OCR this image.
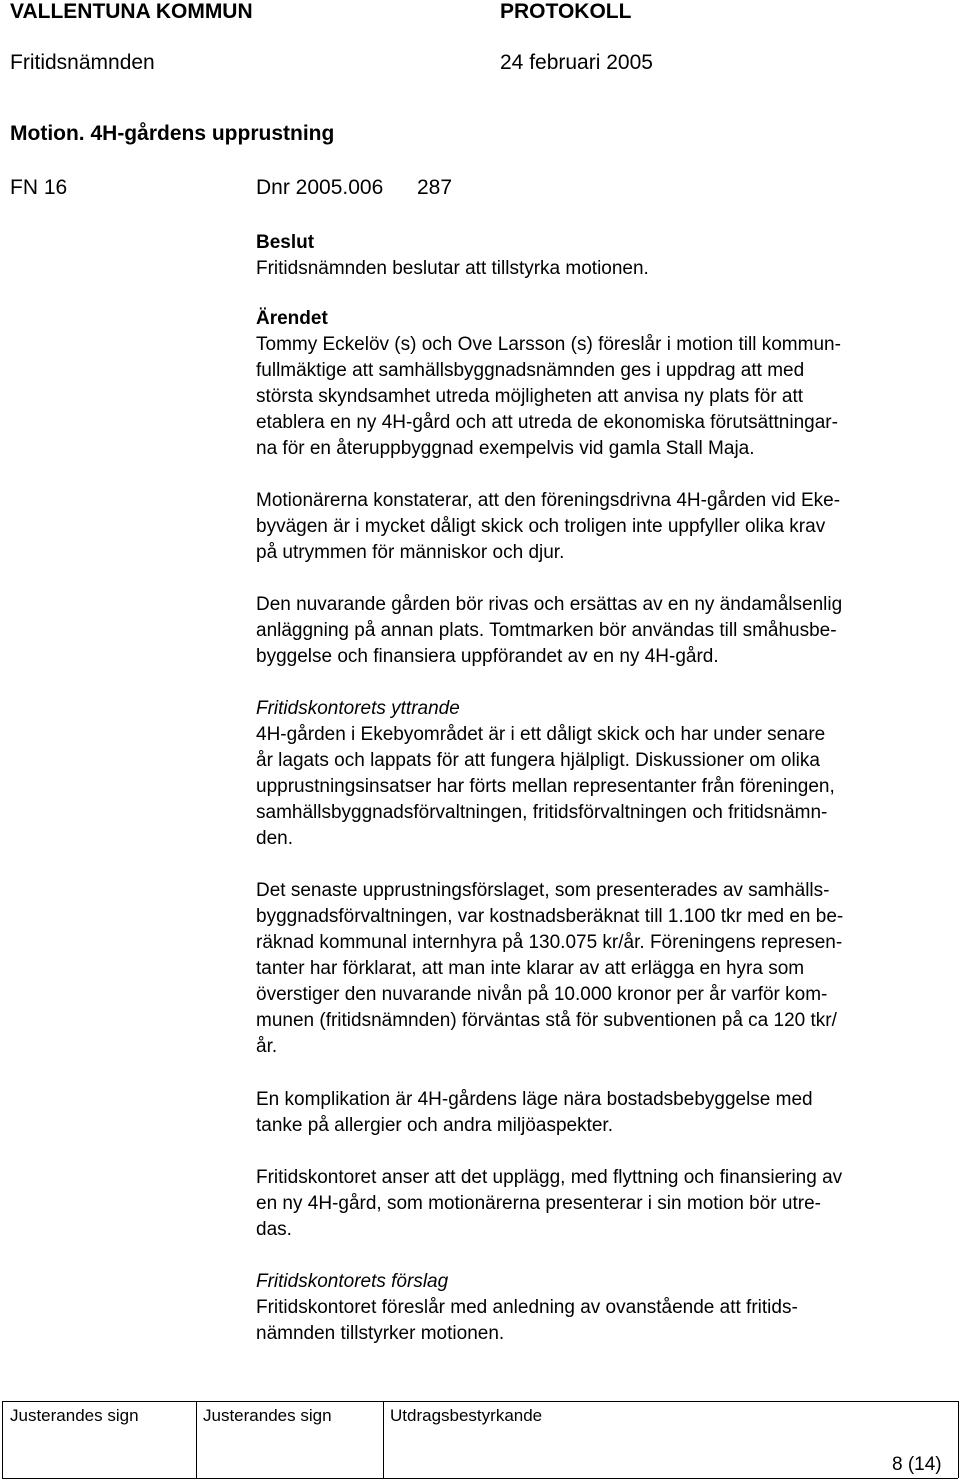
VALLENTUNA KOMMUN	PROTOKOLL
Fritidsnämnden	24 februari 2005
Motion. 4H-gårdens upprustning
FN 16	Dnr 2005.006 287
Beslut
Fritidsnämnden beslutar att tillstyrka motionen.
Ärendet
Tommy Eckelöv (s) och Ove Larsson (s) föreslår i motion till kommun-
fullmäktige att samhällsbyggnadsnämnden ges i uppdrag att med
största skyndsamhet utreda möjligheten att anvisa ny plats för att
etablera en ny 4H-gård och att utreda de ekonomiska förutsättningar-
na för en återuppbyggnad exempelvis vid gamla Stall Maja.
Motionärerna konstaterar, att den föreningsdrivna 4H-gården vid Eke-
byvägen är i mycket dåligt skick och troligen inte uppfyller olika krav
på utrymmen för människor och djur.
Den nuvarande gården bör rivas och ersättas av en ny ändamålsenlig
anläggning på annan plats. Tomtmarken bör användas till småhusbe-
byggelse och finansiera uppförandet av en ny 4H-gård.
Fritidskontorets yttrande
4H-gården i Ekebyområdet är i ett dåligt skick och har under senare
år lagats och lappats för att fungera hjälpligt. Diskussioner om olika
upprustningsinsatser har förts mellan representanter från föreningen,
samhällsbyggnadsförvaltningen, fritidsförvaltningen och fritidsnämn-
den.
Det senaste upprustningsförslaget, som presenterades av samhälls-
byggnadsförvaltningen, var kostnadsberäknat till 1.100 tkr med en be-
räknad kommunal internhyra på 130.075 kr/år. Föreningens represen-
tanter har förklarat, att man inte klarar av att erlägga en hyra som
överstiger den nuvarande nivån på 10.000 kronor per år varför kom-
munen (fritidsnämnden) förväntas stå för subventionen på ca 120 tkr/
år.
En komplikation är 4H-gårdens läge nära bostadsbebyggelse med
tanke på allergier och andra miljöaspekter.
Fritidskontoret anser att det upplägg, med flyttning och finansiering av
en ny 4H-gård, som motionärerna presenterar i sin motion bör utre-
das.
Fritidskontorets förslag
Fritidskontoret föreslår med anledning av ovanstående att fritids-
nämnden tillstyrker motionen.
Justerandes sign	Justerandes sign	Utdragsbestyrkande
8 (14)
